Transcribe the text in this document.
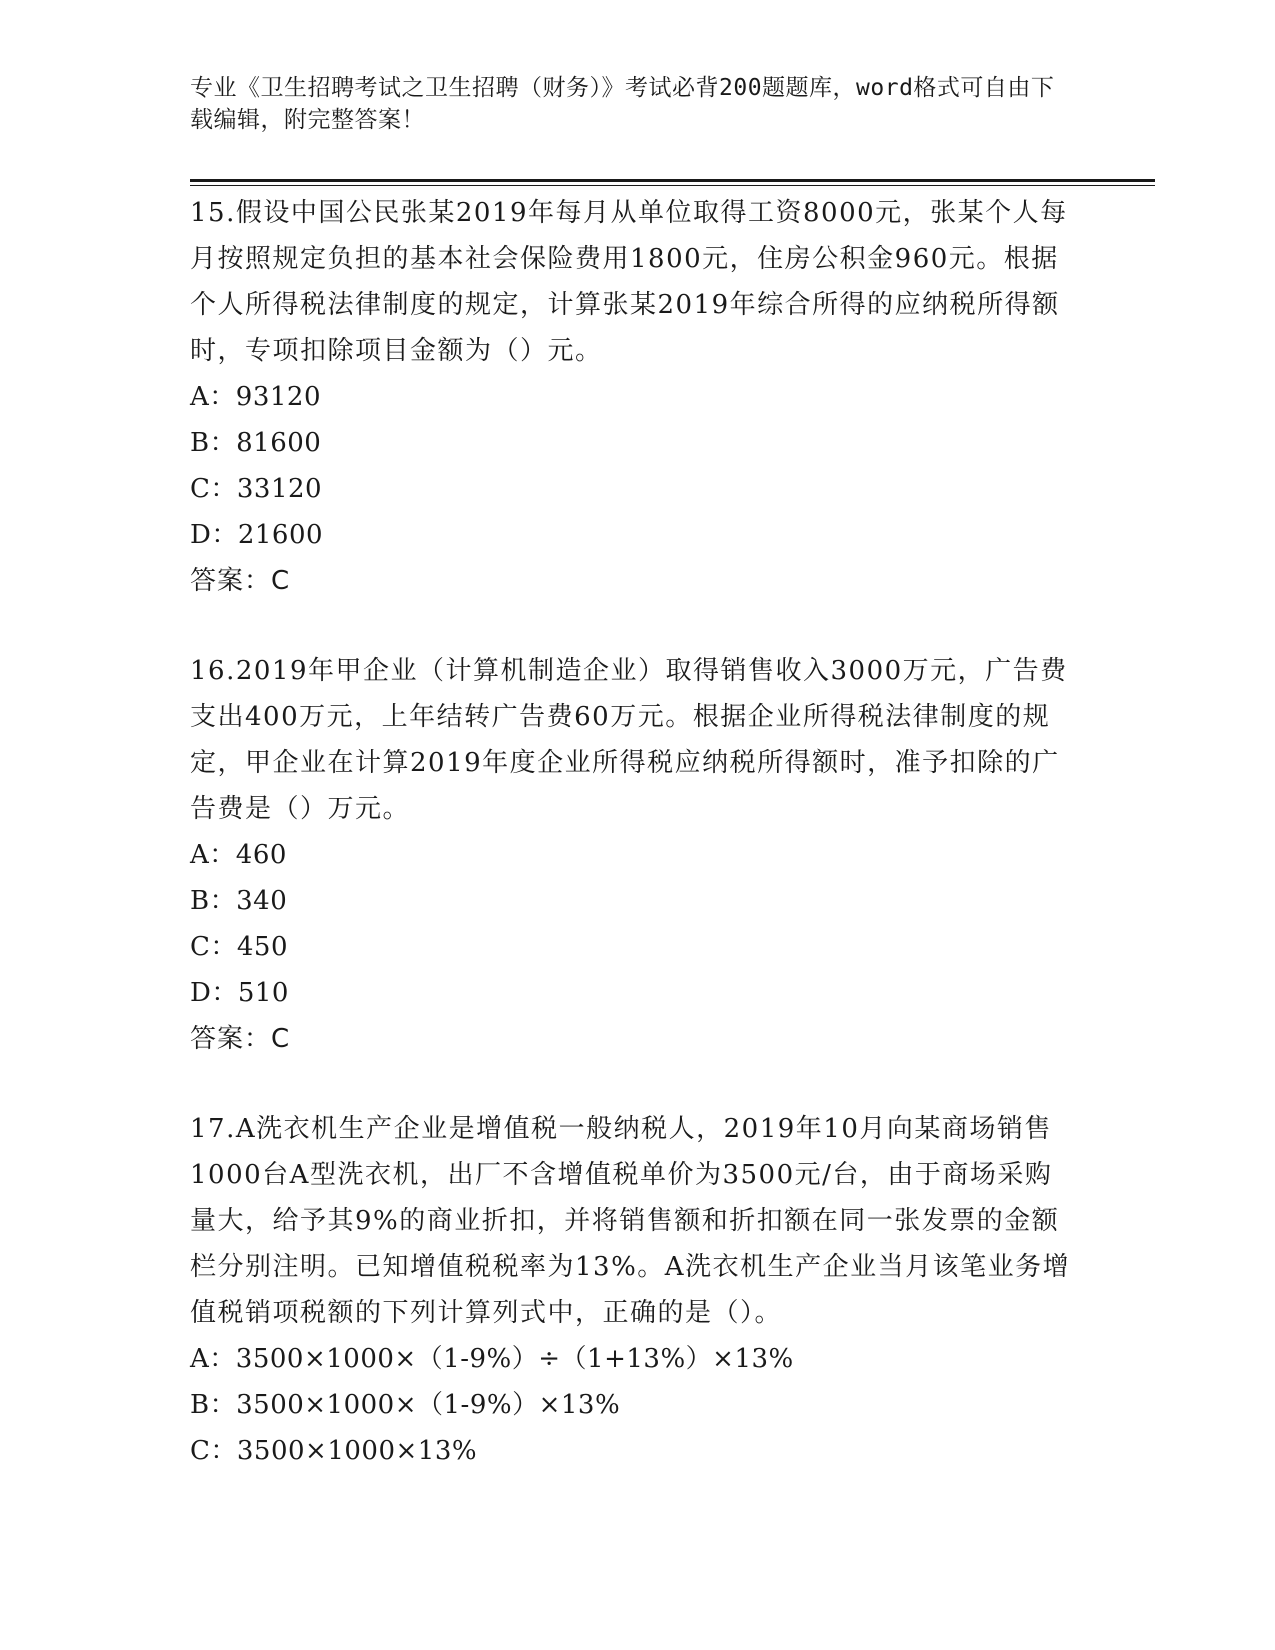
专业《卫生招聘考试之卫生招聘（财务）》考试必背200题题库，word格式可自由下载编辑，附完整答案！

15.假设中国公民张某2019年每月从单位取得工资8000元，张某个人每月按照规定负担的基本社会保险费用1800元，住房公积金960元。根据个人所得税法律制度的规定，计算张某2019年综合所得的应纳税所得额时，专项扣除项目金额为（）元。

A：93120

B：81600

C：33120

D：21600

答案：C

16.2019年甲企业（计算机制造企业）取得销售收入3000万元，广告费支出400万元，上年结转广告费60万元。根据企业所得税法律制度的规定，甲企业在计算2019年度企业所得税应纳税所得额时，准予扣除的广告费是（）万元。

A：460

B：340

C：450

D：510

答案：C

17.A洗衣机生产企业是增值税一般纳税人，2019年10月向某商场销售1000台A型洗衣机，出厂不含增值税单价为3500元/台，由于商场采购量大，给予其9%的商业折扣，并将销售额和折扣额在同一张发票的金额栏分别注明。已知增值税税率为13%。A洗衣机生产企业当月该笔业务增值税销项税额的下列计算列式中，正确的是（）。

A：3500×1000×（1-9%）÷（1+13%）×13%

B：3500×1000×（1-9%）×13%

C：3500×1000×13%
